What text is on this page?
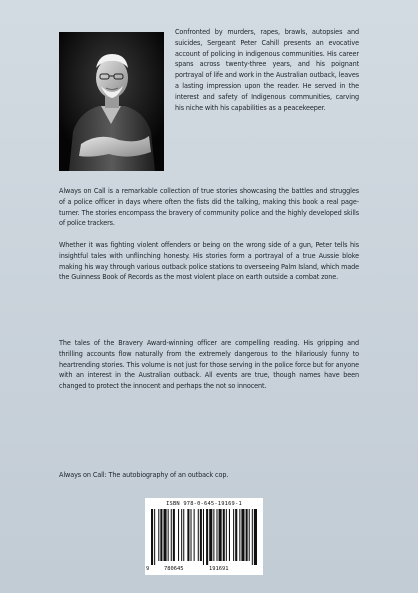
Confronted by murders, rapes, brawls, autopsies and suicides, Sergeant Peter Cahill presents an evocative account of policing in indigenous communities. His career spans across twenty-three years, and his poignant portrayal of life and work in the Australian outback, leaves a lasting impression upon the reader. He served in the interest and safety of Indigenous communities, carving his niche with his capabilities as a peacekeeper.

Always on Call is a remarkable collection of true stories showcasing the battles and struggles of a police officer in days where often the fists did the talking, making this book a real page-turner. The stories encompass the bravery of community police and the highly developed skills of police trackers.

Whether it was fighting violent offenders or being on the wrong side of a gun, Peter tells his insightful tales with unflinching honesty. His stories form a portrayal of a true Aussie bloke making his way through various outback police stations to overseeing Palm Island, which made the Guinness Book of Records as the most violent place on earth outside a combat zone.

The tales of the Bravery Award-winning officer are compelling reading. His gripping and thrilling accounts flow naturally from the extremely dangerous to the hilariously funny to heartrending stories. This volume is not just for those serving in the police force but for anyone with an interest in the Australian outback. All events are true, though names have been changed to protect the innocent and perhaps the not so innocent.

Always on Call: The autobiography of an outback cop.

ISBN 978-0-645-19169-1
9	780645	191691
